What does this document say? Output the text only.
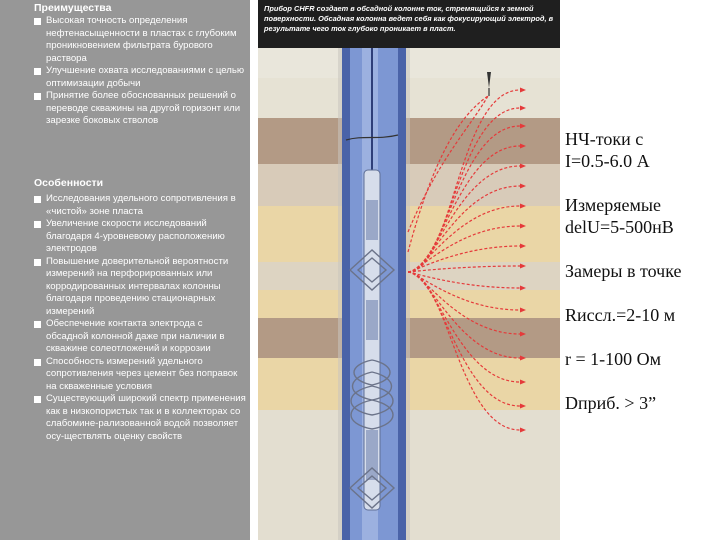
Преимущества
Высокая точность определения нефтенасыщенности в пластах с глубоким проникновением фильтрата бурового раствора
Улучшение охвата исследованиями с целью оптимизации добычи
Принятие более обоснованных решений о переводе скважины на другой горизонт или зарезке боковых стволов
Особенности
Исследования удельного сопротивления в «чистой» зоне пласта
Увеличение скорости исследований благодаря 4-уровневому расположению электродов
Повышение доверительной вероятности измерений на перфорированных или корродированных интервалах колонны благодаря проведению стационарных измерений
Обеспечение контакта электрода с обсадной колонной даже при наличии в скважине солеотложений и коррозии
Способность измерений удельного сопротивления через цемент без поправок на скваженные условия
Существующий широкий спектр применения как в низкопористых так и в коллекторах со слабомине-рализованной водой позволяет осу-ществлять оценку свойств
Прибор CHFR создает в обсадной колонне ток, стремящийся к земной поверхности. Обсадная колонна ведет себя как фокусирующий электрод, в результате чего ток глубоко проникает в пласт.
НЧ-токи с
I=0.5-6.0 А
Измеряемые
delU=5-500нВ
Замеры в точке
Rиссл.=2-10 м
r = 1-100 Ом
Dприб. > 3”
